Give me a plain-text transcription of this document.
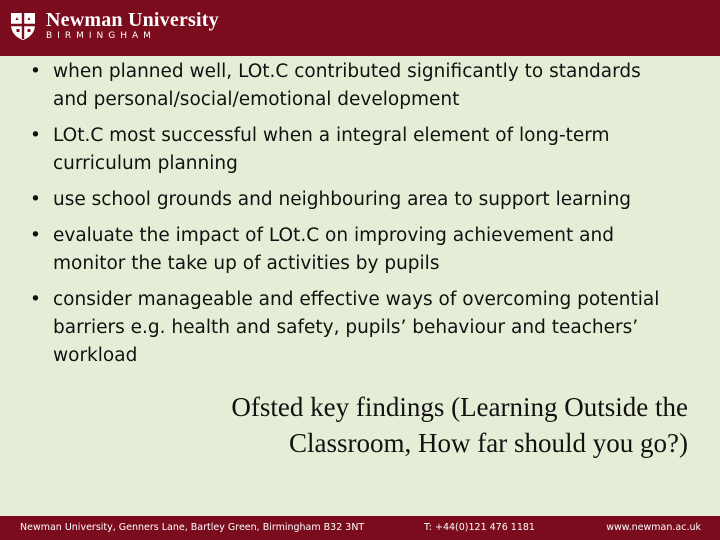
Newman University
BIRMINGHAM
• when planned well, LOt.C contributed significantly to standards and personal/social/emotional development
• LOt.C most successful when a integral element of long-term curriculum planning
• use school grounds and neighbouring area to support learning
• evaluate the impact of LOt.C on improving achievement and monitor the take up of activities by pupils
• consider manageable and effective ways of overcoming potential barriers e.g. health and safety, pupils’ behaviour and teachers’ workload
Ofsted key findings (Learning Outside the
Classroom, How far should you go?)
Newman University, Genners Lane, Bartley Green, Birmingham B32 3NT	T: +44(0)121 476 1181	www.newman.ac.uk
